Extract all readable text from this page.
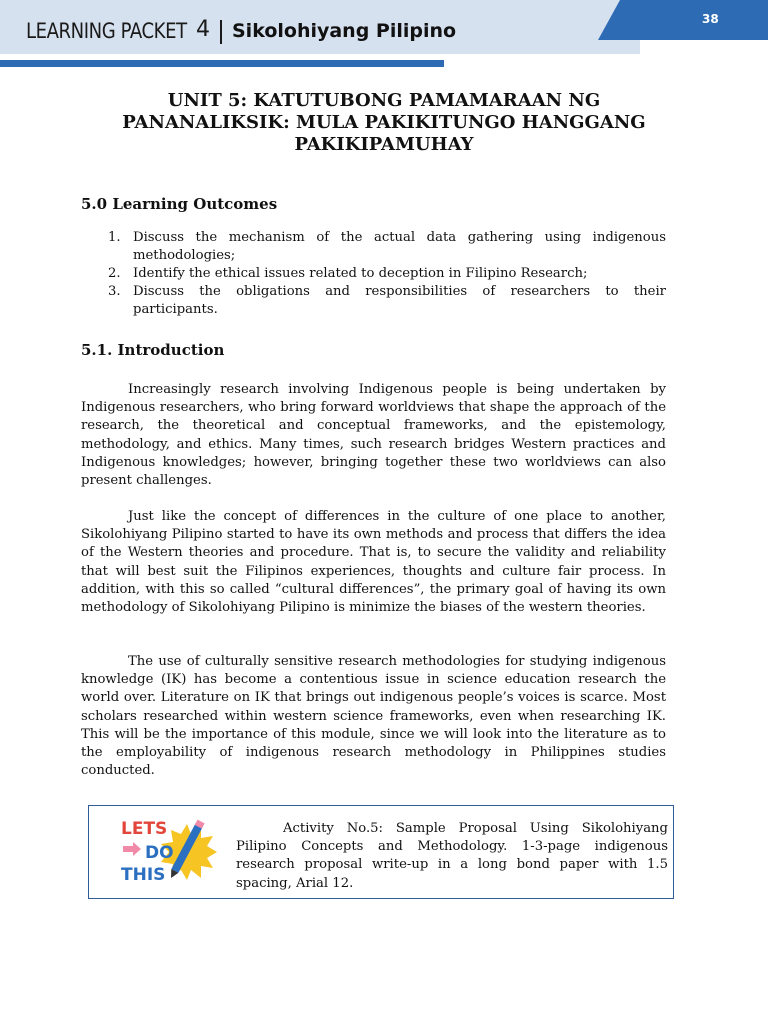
LEARNING PACKET 4 Sikolohiyang Pilipino
38
UNIT 5: KATUTUBONG PAMAMARAAN NG PANANALIKSIK: MULA PAKIKITUNGO HANGGANG PAKIKIPAMUHAY
5.0 Learning Outcomes
1. Discuss the mechanism of the actual data gathering using indigenous methodologies;
2. Identify the ethical issues related to deception in Filipino Research;
3. Discuss the obligations and responsibilities of researchers to their participants.
5.1. Introduction

Increasingly research involving Indigenous people is being undertaken by Indigenous researchers, who bring forward worldviews that shape the approach of the research, the theoretical and conceptual frameworks, and the epistemology, methodology, and ethics. Many times, such research bridges Western practices and Indigenous knowledges; however, bringing together these two worldviews can also present challenges.

Just like the concept of differences in the culture of one place to another, Sikolohiyang Pilipino started to have its own methods and process that differs the idea of the Western theories and procedure. That is, to secure the validity and reliability that will best suit the Filipinos experiences, thoughts and culture fair process. In addition, with this so called “cultural differences”, the primary goal of having its own methodology of Sikolohiyang Pilipino is minimize the biases of the western theories.

The use of culturally sensitive research methodologies for studying indigenous knowledge (IK) has become a contentious issue in science education research the world over. Literature on IK that brings out indigenous people’s voices is scarce. Most scholars researched within western science frameworks, even when researching IK. This will be the importance of this module, since we will look into the literature as to the employability of indigenous research methodology in Philippines studies conducted.

LETS
DO
THIS

Activity No.5: Sample Proposal Using Sikolohiyang Pilipino Concepts and Methodology. 1-3-page indigenous research proposal write-up in a long bond paper with 1.5 spacing, Arial 12.
